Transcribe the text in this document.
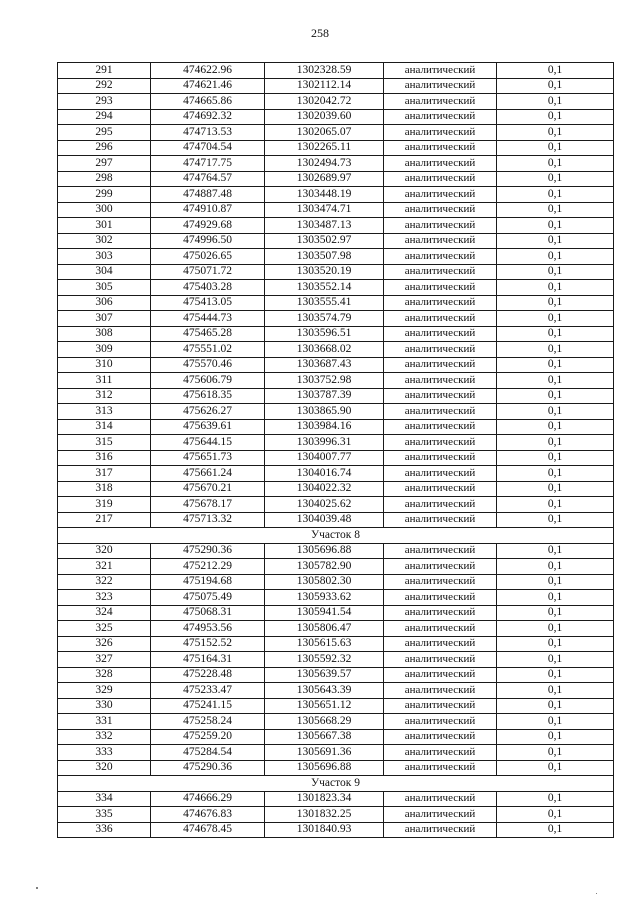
258
291	474622.96	1302328.59	аналитический	0,1
292	474621.46	1302112.14	аналитический	0,1
293	474665.86	1302042.72	аналитический	0,1
294	474692.32	1302039.60	аналитический	0,1
295	474713.53	1302065.07	аналитический	0,1
296	474704.54	1302265.11	аналитический	0,1
297	474717.75	1302494.73	аналитический	0,1
298	474764.57	1302689.97	аналитический	0,1
299	474887.48	1303448.19	аналитический	0,1
300	474910.87	1303474.71	аналитический	0,1
301	474929.68	1303487.13	аналитический	0,1
302	474996.50	1303502.97	аналитический	0,1
303	475026.65	1303507.98	аналитический	0,1
304	475071.72	1303520.19	аналитический	0,1
305	475403.28	1303552.14	аналитический	0,1
306	475413.05	1303555.41	аналитический	0,1
307	475444.73	1303574.79	аналитический	0,1
308	475465.28	1303596.51	аналитический	0,1
309	475551.02	1303668.02	аналитический	0,1
310	475570.46	1303687.43	аналитический	0,1
311	475606.79	1303752.98	аналитический	0,1
312	475618.35	1303787.39	аналитический	0,1
313	475626.27	1303865.90	аналитический	0,1
314	475639.61	1303984.16	аналитический	0,1
315	475644.15	1303996.31	аналитический	0,1
316	475651.73	1304007.77	аналитический	0,1
317	475661.24	1304016.74	аналитический	0,1
318	475670.21	1304022.32	аналитический	0,1
319	475678.17	1304025.62	аналитический	0,1
217	475713.32	1304039.48	аналитический	0,1
Участок 8				
320	475290.36	1305696.88	аналитический	0,1
321	475212.29	1305782.90	аналитический	0,1
322	475194.68	1305802.30	аналитический	0,1
323	475075.49	1305933.62	аналитический	0,1
324	475068.31	1305941.54	аналитический	0,1
325	474953.56	1305806.47	аналитический	0,1
326	475152.52	1305615.63	аналитический	0,1
327	475164.31	1305592.32	аналитический	0,1
328	475228.48	1305639.57	аналитический	0,1
329	475233.47	1305643.39	аналитический	0,1
330	475241.15	1305651.12	аналитический	0,1
331	475258.24	1305668.29	аналитический	0,1
332	475259.20	1305667.38	аналитический	0,1
333	475284.54	1305691.36	аналитический	0,1
320	475290.36	1305696.88	аналитический	0,1
Участок 9				
334	474666.29	1301823.34	аналитический	0,1
335	474676.83	1301832.25	аналитический	0,1
336	474678.45	1301840.93	аналитический	0,1
